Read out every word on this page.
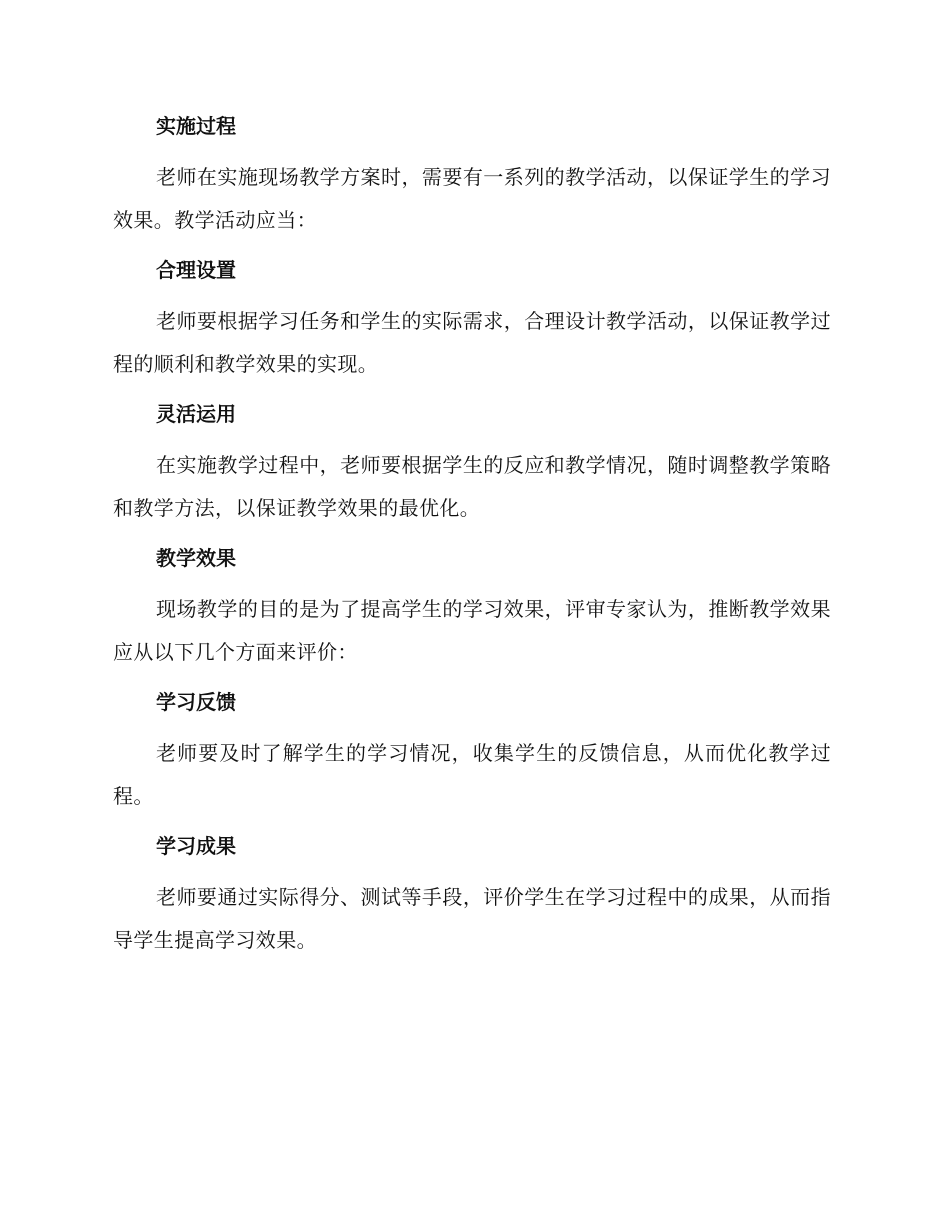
实施过程

老师在实施现场教学方案时，需要有一系列的教学活动，以保证学生的学习效果。教学活动应当：

合理设置

老师要根据学习任务和学生的实际需求，合理设计教学活动，以保证教学过程的顺利和教学效果的实现。

灵活运用

在实施教学过程中，老师要根据学生的反应和教学情况，随时调整教学策略和教学方法，以保证教学效果的最优化。

教学效果

现场教学的目的是为了提高学生的学习效果，评审专家认为，推断教学效果应从以下几个方面来评价：

学习反馈

老师要及时了解学生的学习情况，收集学生的反馈信息，从而优化教学过程。

学习成果

老师要通过实际得分、测试等手段，评价学生在学习过程中的成果，从而指导学生提高学习效果。
